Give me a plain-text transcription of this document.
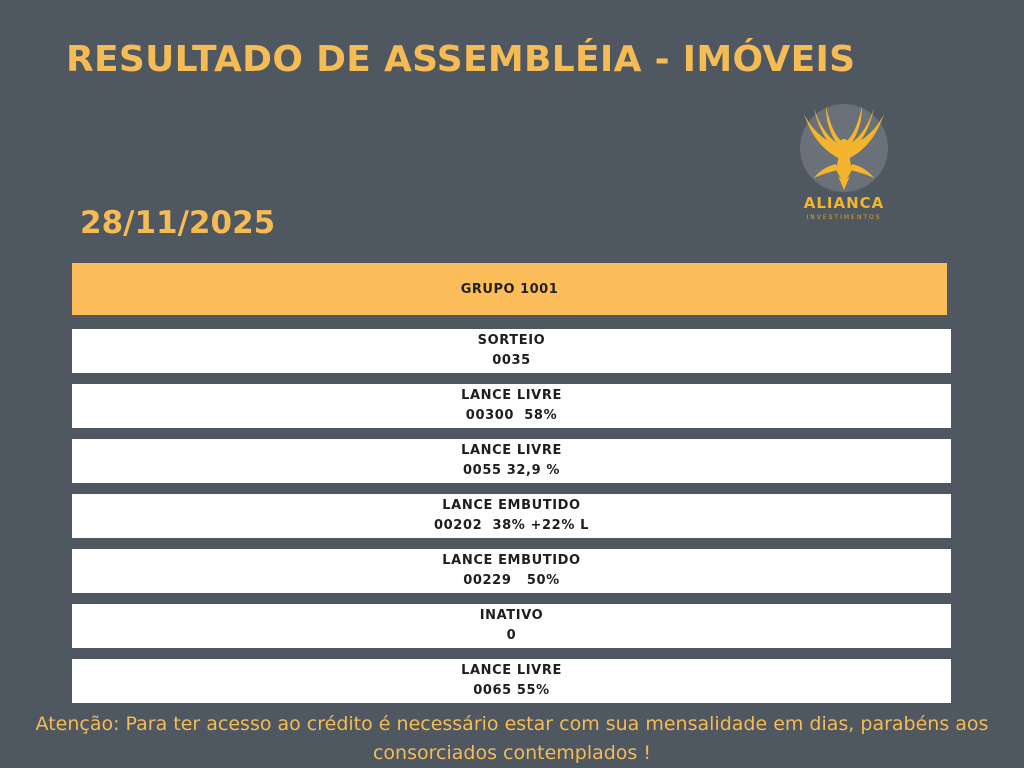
RESULTADO DE ASSEMBLÉIA - IMÓVEIS
ALIANCA
INVESTIMENTOS
28/11/2025
GRUPO 1001
SORTEIO
0035
LANCE LIVRE
00300  58%
LANCE LIVRE
0055 32,9 %
LANCE EMBUTIDO
00202  38% +22% L
LANCE EMBUTIDO
00229   50%
INATIVO
0
LANCE LIVRE
0065 55%
Atenção: Para ter acesso ao crédito é necessário estar com sua mensalidade em dias, parabéns aos consorciados contemplados !
